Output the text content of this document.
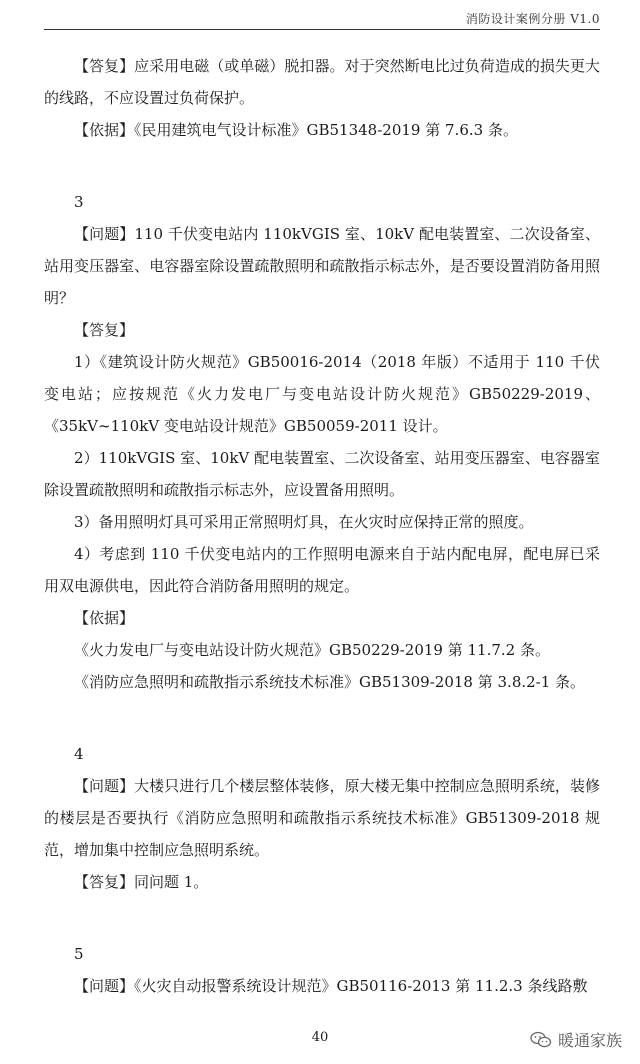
消防设计案例分册 V1.0

【答复】应采用电磁（或单磁）脱扣器。对于突然断电比过负荷造成的损失更大的线路，不应设置过负荷保护。

【依据】《民用建筑电气设计标准》GB51348-2019 第 7.6.3 条。

3

【问题】110 千伏变电站内 110kVGIS 室、10kV 配电装置室、二次设备室、站用变压器室、电容器室除设置疏散照明和疏散指示标志外，是否要设置消防备用照明？

【答复】

1）《建筑设计防火规范》GB50016-2014（2018 年版）不适用于 110 千伏变电站；应按规范《火力发电厂与变电站设计防火规范》GB50229-2019、《35kV~110kV 变电站设计规范》GB50059-2011 设计。

2）110kVGIS 室、10kV 配电装置室、二次设备室、站用变压器室、电容器室除设置疏散照明和疏散指示标志外，应设置备用照明。

3）备用照明灯具可采用正常照明灯具，在火灾时应保持正常的照度。

4）考虑到 110 千伏变电站内的工作照明电源来自于站内配电屏，配电屏已采用双电源供电，因此符合消防备用照明的规定。

【依据】

《火力发电厂与变电站设计防火规范》GB50229-2019 第 11.7.2 条。

《消防应急照明和疏散指示系统技术标准》GB51309-2018 第 3.8.2-1 条。

4

【问题】大楼只进行几个楼层整体装修，原大楼无集中控制应急照明系统，装修的楼层是否要执行《消防应急照明和疏散指示系统技术标准》GB51309-2018 规范，增加集中控制应急照明系统。

【答复】同问题 1。

5

【问题】《火灾自动报警系统设计规范》GB50116-2013 第 11.2.3 条线路敷

40	暖通家族
